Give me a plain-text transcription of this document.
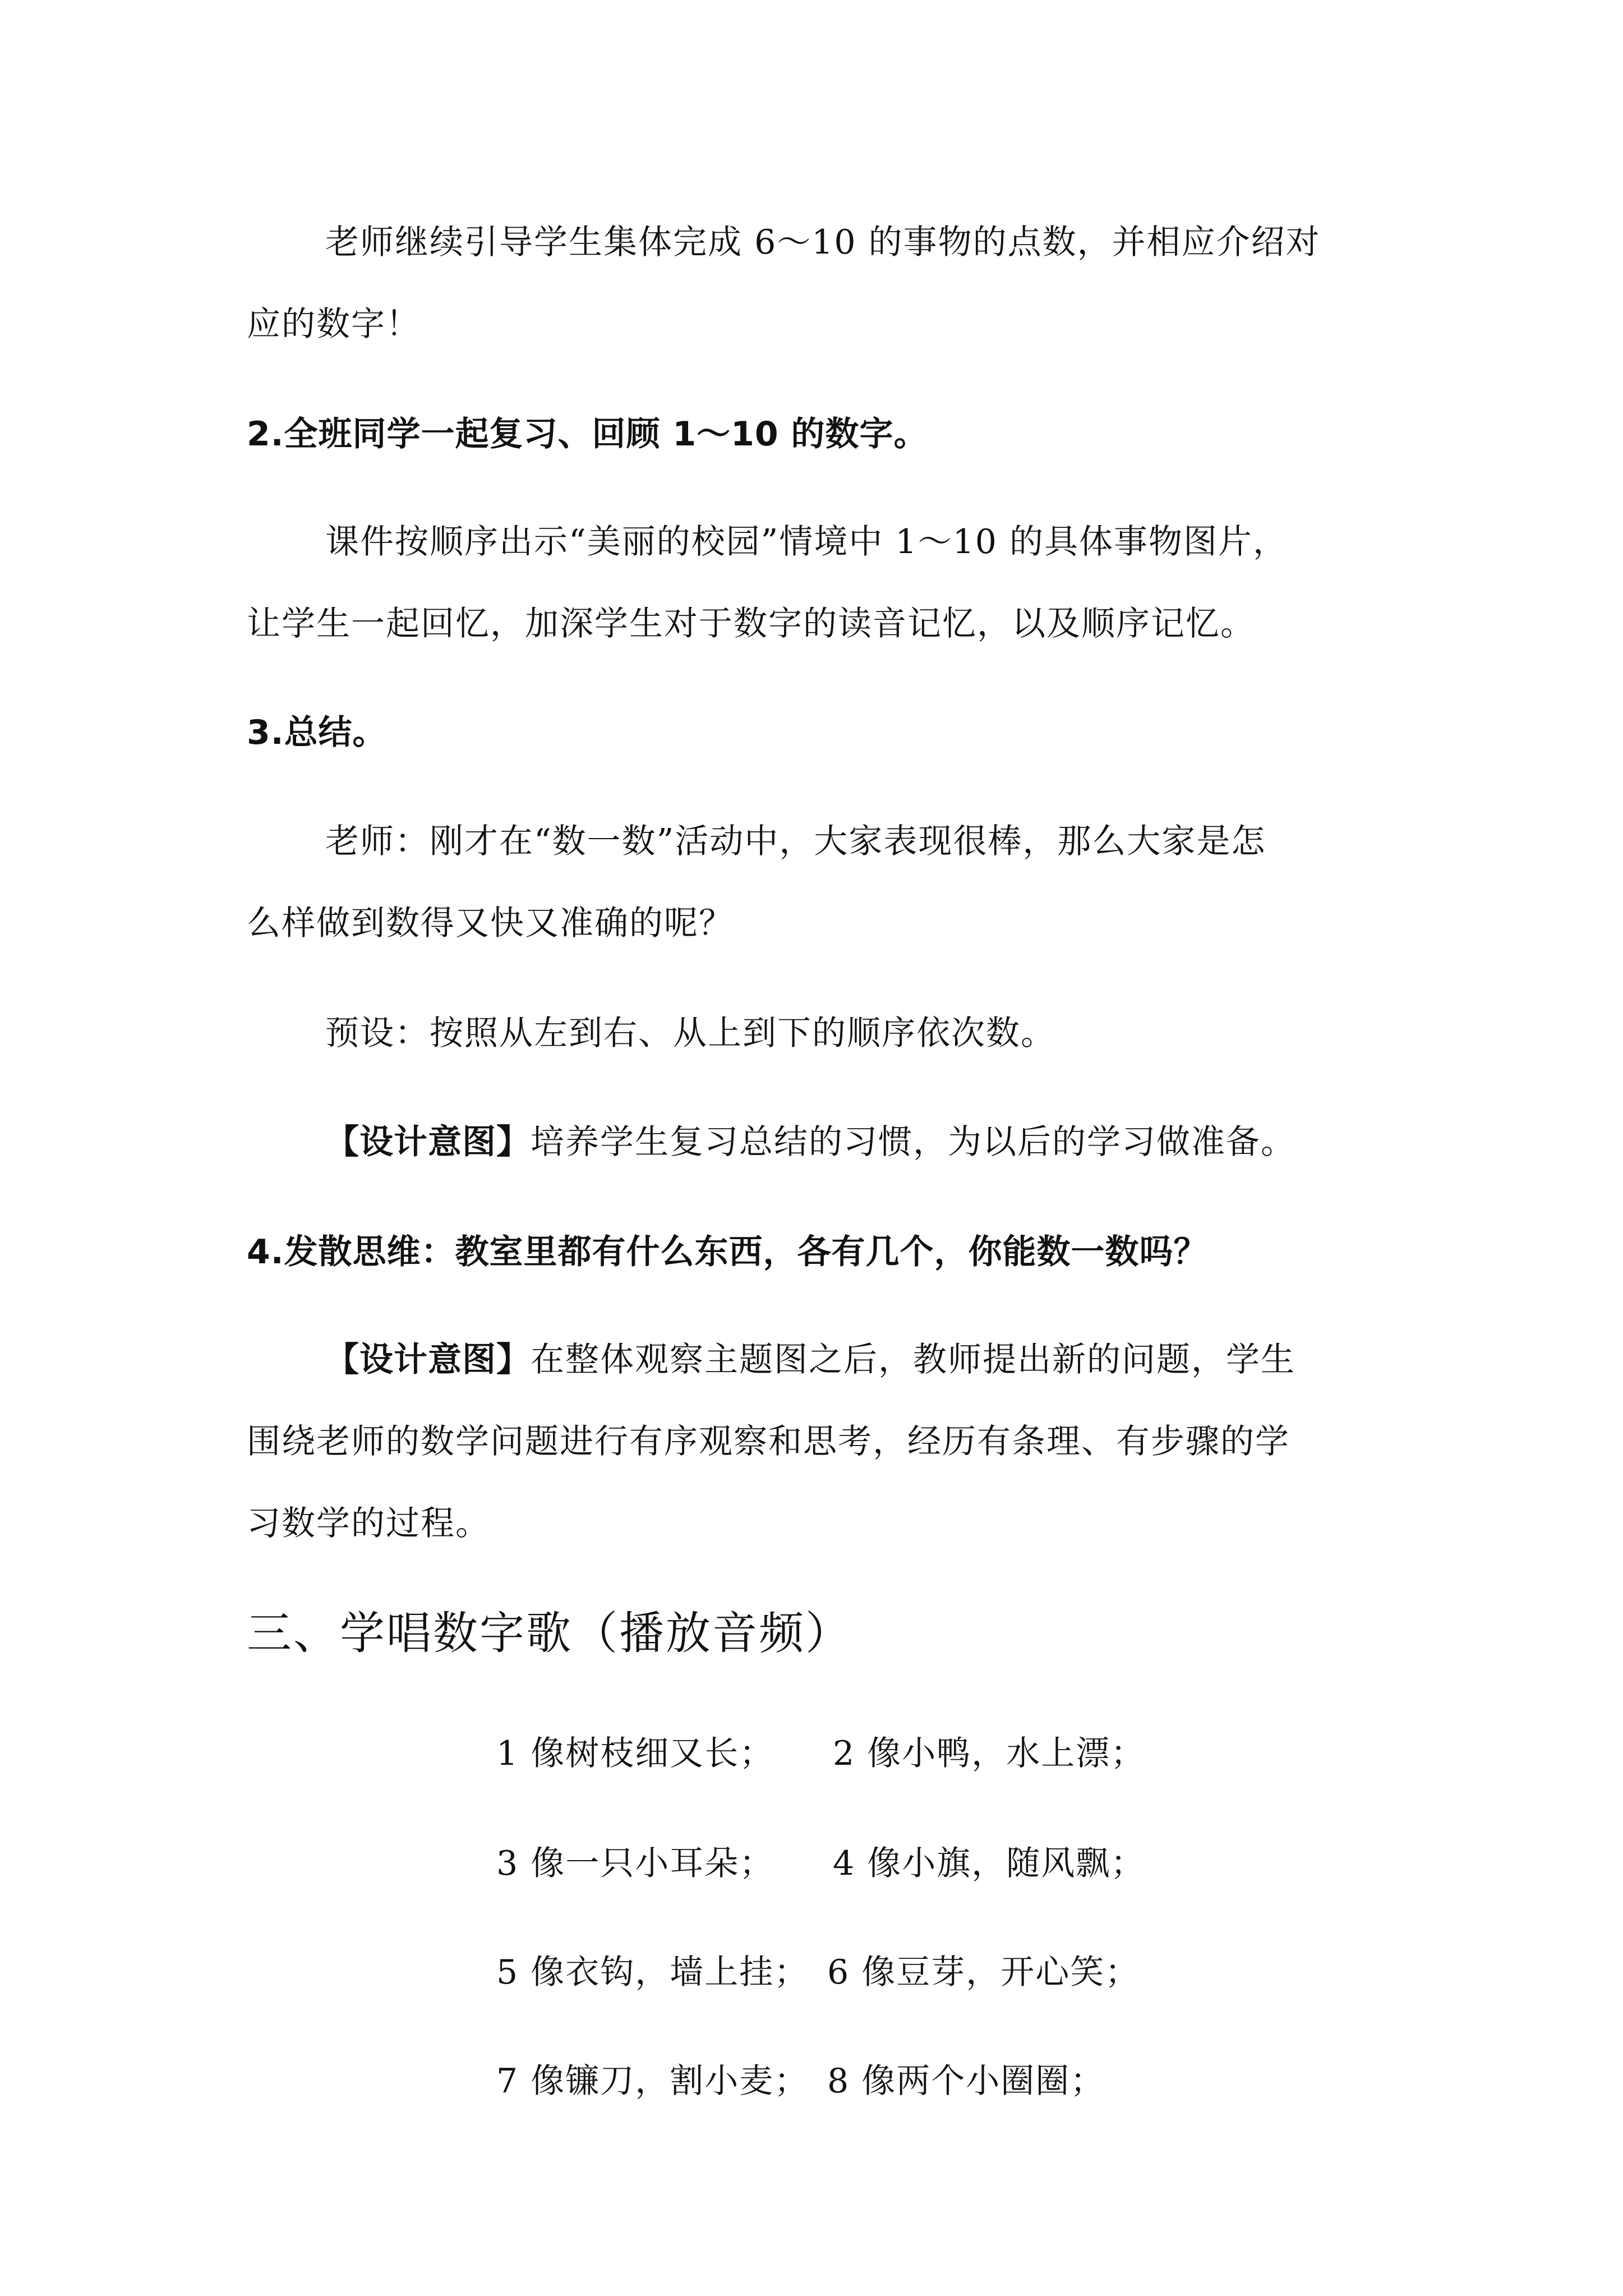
老师继续引导学生集体完成 6～10 的事物的点数，并相应介绍对
应的数字！
2.全班同学一起复习、回顾 1～10 的数字。
课件按顺序出示“美丽的校园”情境中 1～10 的具体事物图片，
让学生一起回忆，加深学生对于数字的读音记忆，以及顺序记忆。
3.总结。
老师：刚才在“数一数”活动中，大家表现很棒，那么大家是怎
么样做到数得又快又准确的呢？
预设：按照从左到右、从上到下的顺序依次数。
【设计意图】培养学生复习总结的习惯，为以后的学习做准备。
4.发散思维：教室里都有什么东西，各有几个，你能数一数吗？
【设计意图】在整体观察主题图之后，教师提出新的问题，学生
围绕老师的数学问题进行有序观察和思考，经历有条理、有步骤的学
习数学的过程。
三、学唱数字歌（播放音频）
1 像树枝细又长； 2 像小鸭，水上漂；
3 像一只小耳朵； 4 像小旗，随风飘；
5 像衣钩，墙上挂； 6 像豆芽，开心笑；
7 像镰刀，割小麦； 8 像两个小圈圈；
